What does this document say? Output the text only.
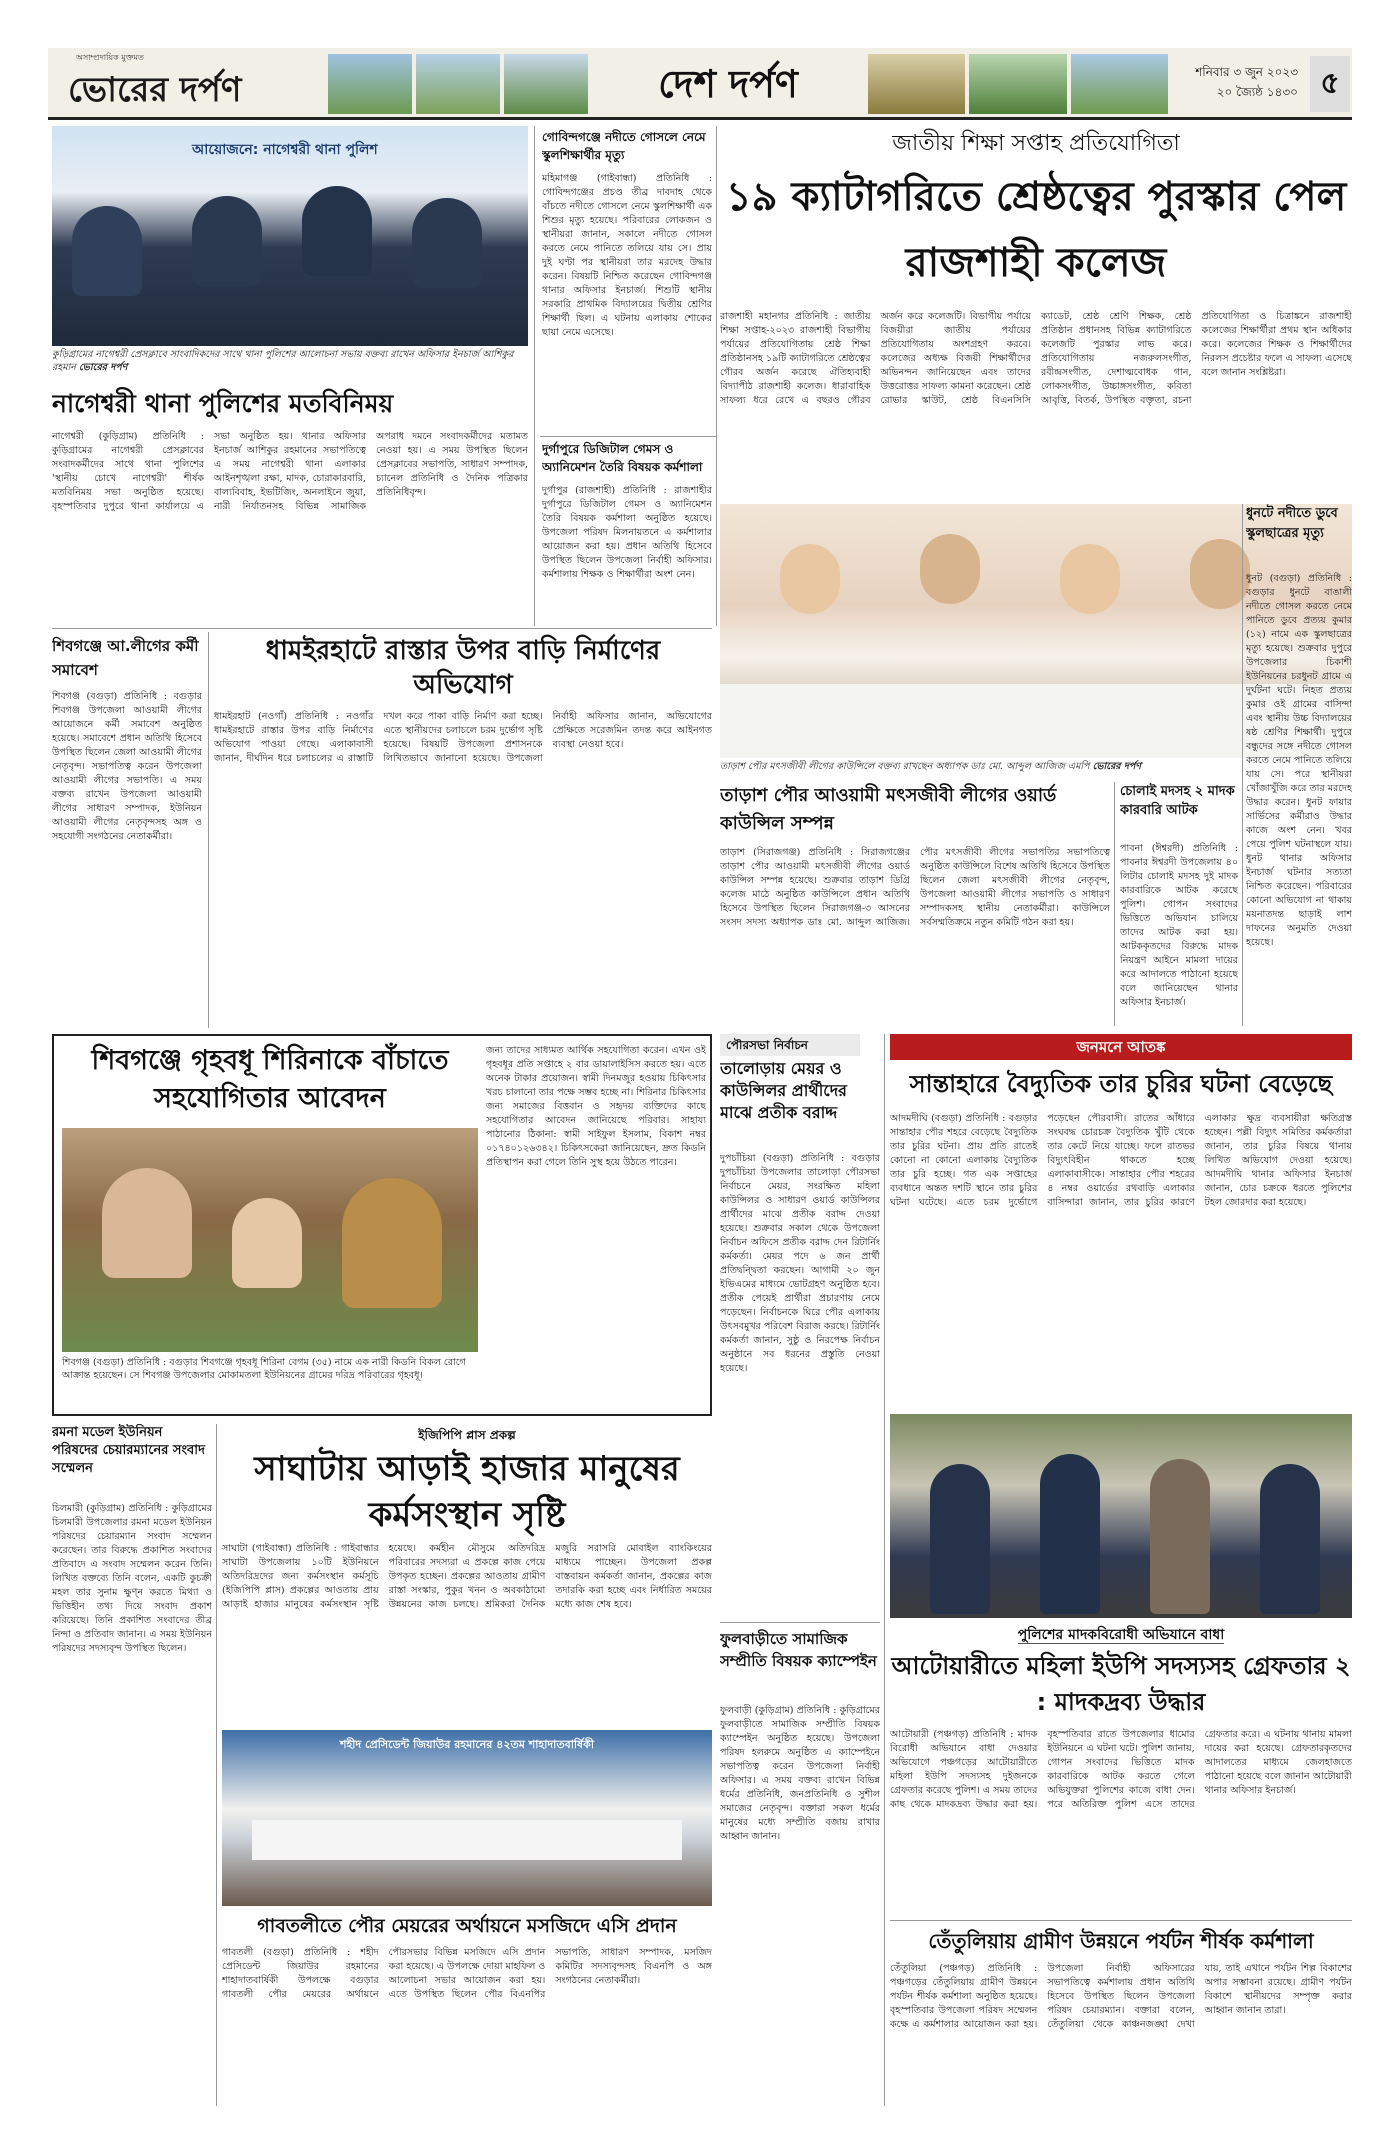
অসাম্প্রদায়িক মুক্তমত
ভোরের দর্পণ	দেশ দর্পণ	শনিবার ৩ জুন ২০২৩
২০ জ্যৈষ্ঠ ১৪৩০ ৫
আয়োজনে: নাগেশ্বরী থানা পুলিশ
কুড়িগ্রামের নাগেশ্বরী প্রেসক্লাবে সাংবাদিকদের সাথে থানা পুলিশের আলোচনা সভায় বক্তব্য রাখেন অফিসার ইনচার্জ আশিকুর রহমান ভোরের দর্পণ
নাগেশ্বরী থানা পুলিশের মতবিনিময়
নাগেশ্বরী (কুড়িগ্রাম) প্রতিনিধি : কুড়িগ্রামের নাগেশ্বরী প্রেসক্লাবের সংবাদকর্মীদের সাথে থানা পুলিশের 'স্থানীয় চোখে নাগেশ্বরী' শীর্ষক মতবিনিময় সভা অনুষ্ঠিত হয়েছে। বৃহস্পতিবার দুপুরে থানা কার্যালয়ে এ সভা অনুষ্ঠিত হয়। থানার অফিসার ইনচার্জ আশিকুর রহমানের সভাপতিত্বে এ সময় নাগেশ্বরী থানা এলাকার আইনশৃঙ্খলা রক্ষা, মাদক, চোরাকারবারি, বাল্যবিবাহ, ইভটিজিং, অনলাইনে জুয়া, নারী নির্যাতনসহ বিভিন্ন সামাজিক অপরাধ দমনে সংবাদকর্মীদের মতামত নেওয়া হয়। এ সময় উপস্থিত ছিলেন প্রেসক্লাবের সভাপতি, সাধারণ সম্পাদক, চ্যানেল প্রতিনিধি ও দৈনিক পত্রিকার প্রতিনিধিবৃন্দ।
গোবিন্দগঞ্জে নদীতে গোসলে নেমে স্কুলশিক্ষার্থীর মৃত্যু
মহিমাগঞ্জ (গাইবান্ধা) প্রতিনিধি : গোবিন্দগঞ্জের প্রচণ্ড তীব্র দাবদাহ থেকে বাঁচতে নদীতে গোসলে নেমে স্কুলশিক্ষার্থী এক শিশুর মৃত্যু হয়েছে। পরিবারের লোকজন ও স্থানীয়রা জানান, সকালে নদীতে গোসল করতে নেমে পানিতে তলিয়ে যায় সে। প্রায় দুই ঘণ্টা পর স্থানীয়রা তার মরদেহ উদ্ধার করেন। বিষয়টি নিশ্চিত করেছেন গোবিন্দগঞ্জ থানার অফিসার ইনচার্জ। শিশুটি স্থানীয় সরকারি প্রাথমিক বিদ্যালয়ের দ্বিতীয় শ্রেণির শিক্ষার্থী ছিল। এ ঘটনায় এলাকায় শোকের ছায়া নেমে এসেছে।
দুর্গাপুরে ডিজিটাল গেমস ও অ্যানিমেশন তৈরি বিষয়ক কর্মশালা
দুর্গাপুর (রাজশাহী) প্রতিনিধি : রাজশাহীর দুর্গাপুরে ডিজিটাল গেমস ও অ্যানিমেশন তৈরি বিষয়ক কর্মশালা অনুষ্ঠিত হয়েছে। উপজেলা পরিষদ মিলনায়তনে এ কর্মশালার আয়োজন করা হয়। প্রধান অতিথি হিসেবে উপস্থিত ছিলেন উপজেলা নির্বাহী অফিসার। কর্মশালায় শিক্ষক ও শিক্ষার্থীরা অংশ নেন।
জাতীয় শিক্ষা সপ্তাহ প্রতিযোগিতা
১৯ ক্যাটাগরিতে শ্রেষ্ঠত্বের পুরস্কার পেল রাজশাহী কলেজ
রাজশাহী মহানগর প্রতিনিধি : জাতীয় শিক্ষা সপ্তাহ-২০২৩ রাজশাহী বিভাগীয় পর্যায়ের প্রতিযোগিতায় শ্রেষ্ঠ শিক্ষা প্রতিষ্ঠানসহ ১৯টি ক্যাটাগরিতে শ্রেষ্ঠত্বের গৌরব অর্জন করেছে ঐতিহ্যবাহী বিদ্যাপীঠ রাজশাহী কলেজ। ধারাবাহিক সাফল্য ধরে রেখে এ বছরও গৌরব অর্জন করে কলেজটি। বিভাগীয় পর্যায়ে বিজয়ীরা জাতীয় পর্যায়ের প্রতিযোগিতায় অংশগ্রহণ করবে। কলেজের অধ্যক্ষ বিজয়ী শিক্ষার্থীদের অভিনন্দন জানিয়েছেন এবং তাদের উত্তরোত্তর সাফল্য কামনা করেছেন। শ্রেষ্ঠ রোভার স্কাউট, শ্রেষ্ঠ বিএনসিসি ক্যাডেট, শ্রেষ্ঠ শ্রেণি শিক্ষক, শ্রেষ্ঠ প্রতিষ্ঠান প্রধানসহ বিভিন্ন ক্যাটাগরিতে কলেজটি পুরস্কার লাভ করে। প্রতিযোগিতায় নজরুলসংগীত, রবীন্দ্রসংগীত, দেশাত্মবোধক গান, লোকসংগীত, উচ্চাঙ্গসংগীত, কবিতা আবৃত্তি, বিতর্ক, উপস্থিত বক্তৃতা, রচনা প্রতিযোগিতা ও চিত্রাঙ্কনে রাজশাহী কলেজের শিক্ষার্থীরা প্রথম স্থান অধিকার করে। কলেজের শিক্ষক ও শিক্ষার্থীদের নিরলস প্রচেষ্টার ফলে এ সাফল্য এসেছে বলে জানান সংশ্লিষ্টরা।
শিবগঞ্জে আ.লীগের কর্মী সমাবেশ
শিবগঞ্জ (বগুড়া) প্রতিনিধি : বগুড়ার শিবগঞ্জ উপজেলা আওয়ামী লীগের আয়োজনে কর্মী সমাবেশ অনুষ্ঠিত হয়েছে। সমাবেশে প্রধান অতিথি হিসেবে উপস্থিত ছিলেন জেলা আওয়ামী লীগের নেতৃবৃন্দ। সভাপতিত্ব করেন উপজেলা আওয়ামী লীগের সভাপতি। এ সময় বক্তব্য রাখেন উপজেলা আওয়ামী লীগের সাধারণ সম্পাদক, ইউনিয়ন আওয়ামী লীগের নেতৃবৃন্দসহ অঙ্গ ও সহযোগী সংগঠনের নেতাকর্মীরা।
ধামইরহাটে রাস্তার উপর বাড়ি নির্মাণের অভিযোগ
ধামইরহাট (নওগাঁ) প্রতিনিধি : নওগাঁর ধামইরহাটে রাস্তার উপর বাড়ি নির্মাণের অভিযোগ পাওয়া গেছে। এলাকাবাসী জানান, দীর্ঘদিন ধরে চলাচলের এ রাস্তাটি দখল করে পাকা বাড়ি নির্মাণ করা হচ্ছে। এতে স্থানীয়দের চলাচলে চরম দুর্ভোগ সৃষ্টি হয়েছে। বিষয়টি উপজেলা প্রশাসনকে লিখিতভাবে জানানো হয়েছে। উপজেলা নির্বাহী অফিসার জানান, অভিযোগের প্রেক্ষিতে সরেজমিন তদন্ত করে আইনগত ব্যবস্থা নেওয়া হবে।
তাড়াশ পৌর মৎসজীবী লীগের কাউন্সিলে বক্তব্য রাখছেন অধ্যাপক ডাঃ মো. আব্দুল আজিজ এমপি ভোরের দর্পণ
তাড়াশ পৌর আওয়ামী মৎসজীবী লীগের ওয়ার্ড কাউন্সিল সম্পন্ন
তাড়াশ (সিরাজগঞ্জ) প্রতিনিধি : সিরাজগঞ্জের তাড়াশ পৌর আওয়ামী মৎসজীবী লীগের ওয়ার্ড কাউন্সিল সম্পন্ন হয়েছে। শুক্রবার তাড়াশ ডিগ্রি কলেজ মাঠে অনুষ্ঠিত কাউন্সিলে প্রধান অতিথি হিসেবে উপস্থিত ছিলেন সিরাজগঞ্জ-৩ আসনের সংসদ সদস্য অধ্যাপক ডাঃ মো. আব্দুল আজিজ। পৌর মৎসজীবী লীগের সভাপতির সভাপতিত্বে অনুষ্ঠিত কাউন্সিলে বিশেষ অতিথি হিসেবে উপস্থিত ছিলেন জেলা মৎসজীবী লীগের নেতৃবৃন্দ, উপজেলা আওয়ামী লীগের সভাপতি ও সাধারণ সম্পাদকসহ স্থানীয় নেতাকর্মীরা। কাউন্সিলে সর্বসম্মতিক্রমে নতুন কমিটি গঠন করা হয়।
চোলাই মদসহ ২ মাদক কারবারি আটক
পাবনা (ঈশ্বরদী) প্রতিনিধি : পাবনার ঈশ্বরদী উপজেলায় ৪০ লিটার চোলাই মদসহ দুই মাদক কারবারিকে আটক করেছে পুলিশ। গোপন সংবাদের ভিত্তিতে অভিযান চালিয়ে তাদের আটক করা হয়। আটককৃতদের বিরুদ্ধে মাদক নিয়ন্ত্রণ আইনে মামলা দায়ের করে আদালতে পাঠানো হয়েছে বলে জানিয়েছেন থানার অফিসার ইনচার্জ।
ধুনটে নদীতে ডুবে স্কুলছাত্রের মৃত্যু
ধুনট (বগুড়া) প্রতিনিধি : বগুড়ার ধুনটে বাঙালী নদীতে গোসল করতে নেমে পানিতে ডুবে প্রত্যয় কুমার (১২) নামে এক স্কুলছাত্রের মৃত্যু হয়েছে। শুক্রবার দুপুরে উপজেলার চিকাশী ইউনিয়নের চরধুনট গ্রামে এ দুর্ঘটনা ঘটে। নিহত প্রত্যয় কুমার ওই গ্রামের বাসিন্দা এবং স্থানীয় উচ্চ বিদ্যালয়ের ষষ্ঠ শ্রেণির শিক্ষার্থী। দুপুরে বন্ধুদের সঙ্গে নদীতে গোসল করতে নেমে পানিতে তলিয়ে যায় সে। পরে স্থানীয়রা খোঁজাখুঁজি করে তার মরদেহ উদ্ধার করেন। ধুনট ফায়ার সার্ভিসের কর্মীরাও উদ্ধার কাজে অংশ নেন। খবর পেয়ে পুলিশ ঘটনাস্থলে যায়। ধুনট থানার অফিসার ইনচার্জ ঘটনার সত্যতা নিশ্চিত করেছেন। পরিবারের কোনো অভিযোগ না থাকায় ময়নাতদন্ত ছাড়াই লাশ দাফনের অনুমতি দেওয়া হয়েছে।
শিবগঞ্জে গৃহবধূ শিরিনাকে বাঁচাতে সহযোগিতার আবেদন
শিবগঞ্জ (বগুড়া) প্রতিনিধি : বগুড়ার শিবগঞ্জে গৃহবধূ শিরিনা বেগম (৩৫) নামে এক নারী কিডনি বিকল রোগে আক্রান্ত হয়েছেন। সে শিবগঞ্জ উপজেলার মোকামতলা ইউনিয়নের গ্রামের দরিদ্র পরিবারের গৃহবধূ।
জন্য তাদের সাধ্যমত আর্থিক সহযোগিতা করেন। এখন ওই গৃহবধূর প্রতি সপ্তাহে ২ বার ডায়ালাইসিস করতে হয়। এতে অনেক টাকার প্রয়োজন। স্বামী দিনমজুর হওয়ায় চিকিৎসার খরচ চালানো তার পক্ষে সম্ভব হচ্ছে না। শিরিনার চিকিৎসার জন্য সমাজের বিত্তবান ও সহৃদয় ব্যক্তিদের কাছে সহযোগিতার আবেদন জানিয়েছে পরিবার। সাহায্য পাঠানোর ঠিকানা: স্বামী সাইফুল ইসলাম, বিকাশ নম্বর ০১৭৪০১২৬৩৪২। চিকিৎসকেরা জানিয়েছেন, দ্রুত কিডনি প্রতিস্থাপন করা গেলে তিনি সুস্থ হয়ে উঠতে পারেন।
পৌরসভা নির্বাচন
তালোড়ায় মেয়র ও কাউন্সিলর প্রার্থীদের মাঝে প্রতীক বরাদ্দ
দুপচাঁচিয়া (বগুড়া) প্রতিনিধি : বগুড়ার দুপচাঁচিয়া উপজেলার তালোড়া পৌরসভা নির্বাচনে মেয়র, সংরক্ষিত মহিলা কাউন্সিলর ও সাধারণ ওয়ার্ড কাউন্সিলর প্রার্থীদের মাঝে প্রতীক বরাদ্দ দেওয়া হয়েছে। শুক্রবার সকাল থেকে উপজেলা নির্বাচন অফিসে প্রতীক বরাদ্দ দেন রিটার্নিং কর্মকর্তা। মেয়র পদে ৬ জন প্রার্থী প্রতিদ্বন্দ্বিতা করছেন। আগামী ২০ জুন ইভিএমের মাধ্যমে ভোটগ্রহণ অনুষ্ঠিত হবে। প্রতীক পেয়েই প্রার্থীরা প্রচারণায় নেমে পড়েছেন। নির্বাচনকে ঘিরে পৌর এলাকায় উৎসবমুখর পরিবেশ বিরাজ করছে। রিটার্নিং কর্মকর্তা জানান, সুষ্ঠু ও নিরপেক্ষ নির্বাচন অনুষ্ঠানে সব ধরনের প্রস্তুতি নেওয়া হয়েছে।
ফুলবাড়ীতে সামাজিক সম্প্রীতি বিষয়ক ক্যাম্পেইন
ফুলবাড়ী (কুড়িগ্রাম) প্রতিনিধি : কুড়িগ্রামের ফুলবাড়ীতে সামাজিক সম্প্রীতি বিষয়ক ক্যাম্পেইন অনুষ্ঠিত হয়েছে। উপজেলা পরিষদ হলরুমে অনুষ্ঠিত এ ক্যাম্পেইনে সভাপতিত্ব করেন উপজেলা নির্বাহী অফিসার। এ সময় বক্তব্য রাখেন বিভিন্ন ধর্মের প্রতিনিধি, জনপ্রতিনিধি ও সুশীল সমাজের নেতৃবৃন্দ। বক্তারা সকল ধর্মের মানুষের মধ্যে সম্প্রীতি বজায় রাখার আহ্বান জানান।
জনমনে আতঙ্ক
সান্তাহারে বৈদ্যুতিক তার চুরির ঘটনা বেড়েছে
আদমদীঘি (বগুড়া) প্রতিনিধি : বগুড়ার সান্তাহার পৌর শহরে বেড়েছে বৈদ্যুতিক তার চুরির ঘটনা। প্রায় প্রতি রাতেই কোনো না কোনো এলাকায় বৈদ্যুতিক তার চুরি হচ্ছে। গত এক সপ্তাহের ব্যবধানে অন্তত দশটি স্থানে তার চুরির ঘটনা ঘটেছে। এতে চরম দুর্ভোগে পড়েছেন পৌরবাসী। রাতের আঁধারে সংঘবদ্ধ চোরচক্র বৈদ্যুতিক খুঁটি থেকে তার কেটে নিয়ে যাচ্ছে। ফলে রাতভর বিদ্যুৎবিহীন থাকতে হচ্ছে এলাকাবাসীকে। সান্তাহার পৌর শহরের ৪ নম্বর ওয়ার্ডের রথবাড়ি এলাকার বাসিন্দারা জানান, তার চুরির কারণে এলাকার ক্ষুদ্র ব্যবসায়ীরা ক্ষতিগ্রস্ত হচ্ছেন। পল্লী বিদ্যুৎ সমিতির কর্মকর্তারা জানান, তার চুরির বিষয়ে থানায় লিখিত অভিযোগ দেওয়া হয়েছে। আদমদীঘি থানার অফিসার ইনচার্জ জানান, চোর চক্রকে ধরতে পুলিশের টহল জোরদার করা হয়েছে।
পুলিশের মাদকবিরোধী অভিযানে বাধা
আটোয়ারীতে মহিলা ইউপি সদস্যসহ গ্রেফতার ২ : মাদকদ্রব্য উদ্ধার
আটোয়ারী (পঞ্চগড়) প্রতিনিধি : মাদক বিরোধী অভিযানে বাধা দেওয়ার অভিযোগে পঞ্চগড়ের আটোয়ারীতে মহিলা ইউপি সদস্যসহ দুইজনকে গ্রেফতার করেছে পুলিশ। এ সময় তাদের কাছ থেকে মাদকদ্রব্য উদ্ধার করা হয়। বৃহস্পতিবার রাতে উপজেলার ধামোর ইউনিয়নে এ ঘটনা ঘটে। পুলিশ জানায়, গোপন সংবাদের ভিত্তিতে মাদক কারবারিকে আটক করতে গেলে অভিযুক্তরা পুলিশের কাজে বাধা দেন। পরে অতিরিক্ত পুলিশ এসে তাদের গ্রেফতার করে। এ ঘটনায় থানায় মামলা দায়ের করা হয়েছে। গ্রেফতারকৃতদের আদালতের মাধ্যমে জেলহাজতে পাঠানো হয়েছে বলে জানান আটোয়ারী থানার অফিসার ইনচার্জ।
তেঁতুলিয়ায় গ্রামীণ উন্নয়নে পর্যটন শীর্ষক কর্মশালা
তেঁতুলিয়া (পঞ্চগড়) প্রতিনিধি : পঞ্চগড়ের তেঁতুলিয়ায় গ্রামীণ উন্নয়নে পর্যটন শীর্ষক কর্মশালা অনুষ্ঠিত হয়েছে। বৃহস্পতিবার উপজেলা পরিষদ সম্মেলন কক্ষে এ কর্মশালার আয়োজন করা হয়। উপজেলা নির্বাহী অফিসারের সভাপতিত্বে কর্মশালায় প্রধান অতিথি হিসেবে উপস্থিত ছিলেন উপজেলা পরিষদ চেয়ারম্যান। বক্তারা বলেন, তেঁতুলিয়া থেকে কাঞ্চনজঙ্ঘা দেখা যায়, তাই এখানে পর্যটন শিল্প বিকাশের অপার সম্ভাবনা রয়েছে। গ্রামীণ পর্যটন বিকাশে স্থানীয়দের সম্পৃক্ত করার আহ্বান জানান তারা।
রমনা মডেল ইউনিয়ন পরিষদের চেয়ারম্যানের সংবাদ সম্মেলন
চিলমারী (কুড়িগ্রাম) প্রতিনিধি : কুড়িগ্রামের চিলমারী উপজেলার রমনা মডেল ইউনিয়ন পরিষদের চেয়ারম্যান সংবাদ সম্মেলন করেছেন। তার বিরুদ্ধে প্রকাশিত সংবাদের প্রতিবাদে এ সংবাদ সম্মেলন করেন তিনি। লিখিত বক্তব্যে তিনি বলেন, একটি কুচক্রী মহল তার সুনাম ক্ষুণ্ন করতে মিথ্যা ও ভিত্তিহীন তথ্য দিয়ে সংবাদ প্রকাশ করিয়েছে। তিনি প্রকাশিত সংবাদের তীব্র নিন্দা ও প্রতিবাদ জানান। এ সময় ইউনিয়ন পরিষদের সদস্যবৃন্দ উপস্থিত ছিলেন।
ইজিপিপি প্লাস প্রকল্প
সাঘাটায় আড়াই হাজার মানুষের কর্মসংস্থান সৃষ্টি
সাঘাটা (গাইবান্ধা) প্রতিনিধি : গাইবান্ধার সাঘাটা উপজেলায় ১০টি ইউনিয়নে অতিদরিদ্রদের জন্য কর্মসংস্থান কর্মসূচি (ইজিপিপি প্লাস) প্রকল্পের আওতায় প্রায় আড়াই হাজার মানুষের কর্মসংস্থান সৃষ্টি হয়েছে। কর্মহীন মৌসুমে অতিদরিদ্র পরিবারের সদস্যরা এ প্রকল্পে কাজ পেয়ে উপকৃত হচ্ছেন। প্রকল্পের আওতায় গ্রামীণ রাস্তা সংস্কার, পুকুর খনন ও অবকাঠামো উন্নয়নের কাজ চলছে। শ্রমিকরা দৈনিক মজুরি সরাসরি মোবাইল ব্যাংকিংয়ের মাধ্যমে পাচ্ছেন। উপজেলা প্রকল্প বাস্তবায়ন কর্মকর্তা জানান, প্রকল্পের কাজ তদারকি করা হচ্ছে এবং নির্ধারিত সময়ের মধ্যে কাজ শেষ হবে।
শহীদ প্রেসিডেন্ট জিয়াউর রহমানের ৪২তম শাহাদাতবার্ষিকী
গাবতলীতে পৌর মেয়রের অর্থায়নে মসজিদে এসি প্রদান
গাবতলী (বগুড়া) প্রতিনিধি : শহীদ প্রেসিডেন্ট জিয়াউর রহমানের শাহাদাতবার্ষিকী উপলক্ষে বগুড়ার গাবতলী পৌর মেয়রের অর্থায়নে পৌরসভার বিভিন্ন মসজিদে এসি প্রদান করা হয়েছে। এ উপলক্ষে দোয়া মাহফিল ও আলোচনা সভার আয়োজন করা হয়। এতে উপস্থিত ছিলেন পৌর বিএনপির সভাপতি, সাধারণ সম্পাদক, মসজিদ কমিটির সদস্যবৃন্দসহ বিএনপি ও অঙ্গ সংগঠনের নেতাকর্মীরা।
